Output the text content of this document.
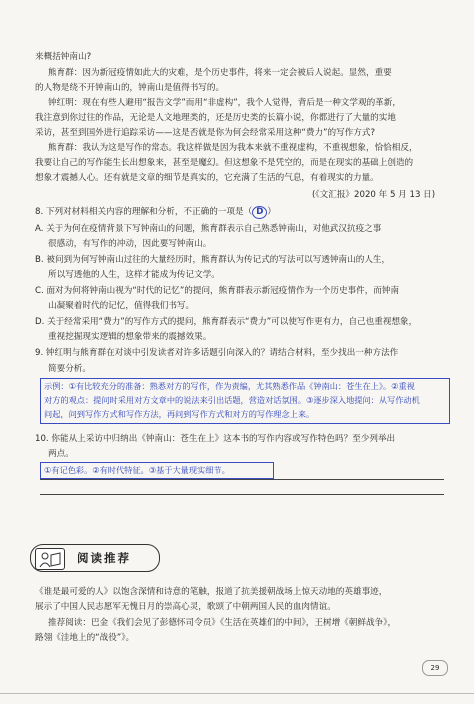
来概括钟南山?
熊育群：因为新冠疫情如此大的灾难，是个历史事件，将来一定会被后人说起。显然，重要
的人物是绕不开钟南山的，钟南山是值得书写的。
钟红明：现在有些人避用“报告文学”而用“非虚构”，我个人觉得，背后是一种文学观的革新，
我注意到你过往的作品，无论是人文地理类的，还是历史类的长篇小说，你都进行了大量的实地
采访，甚至到国外进行追踪采访——这是否就是你为何会经常采用这种“费力”的写作方式?
熊育群：我认为这是写作的常态。我这样做是因为我本来就不重视虚构，不重视想象，恰恰相反，
我要让自己的写作能生长出想象来，甚至是魔幻。但这想象不是凭空的，而是在现实的基础上创造的
想象才震撼人心。还有就是文章的细节是真实的，它充满了生活的气息，有着现实的力量。
(《文汇报》2020 年 5 月 13 日)
8. 下列对材料相关内容的理解和分析，不正确的一项是（ D ）
A. 关于为何在疫情背景下写钟南山的问题，熊育群表示自己熟悉钟南山，对他武汉抗疫之事
很感动，有写作的冲动，因此要写钟南山。
B. 被问到为何写钟南山过往的大量经历时，熊育群认为传记式的写法可以写透钟南山的人生，
所以写透他的人生，这样才能成为传记文学。
C. 面对为何将钟南山视为“时代的记忆”的提问，熊育群表示新冠疫情作为一个历史事件，而钟南
山凝聚着时代的记忆，值得我们书写。
D. 关于经常采用“费力”的写作方式的提问，熊育群表示“费力”可以使写作更有力，自己也重视想象，
重视挖掘现实逻辑的想象带来的震撼效果。
9. 钟红明与熊育群在对谈中引发读者对许多话题引向深入的？请结合材料，至少找出一种方法作
简要分析。
示例：①有比较充分的准备：熟悉对方的写作，作为责编，尤其熟悉作品《钟南山：苍生在上》。②重视
对方的观点：提问时采用对方文章中的说法来引出话题，营造对话氛围。③逐步深入地提问：从写作动机
问起，问到写作方式和写作方法，再问到写作方式和对方的写作理念上来。
10. 你能从上采访中归纳出《钟南山：苍生在上》这本书的写作内容或写作特色吗？至少列举出
两点。
①有记色彩。②有时代特征。③基于大量现实细节。
阅读推荐
《谁是最可爱的人》以饱含深情和诗意的笔触，报道了抗美援朝战场上惊天动地的英雄事迹，
展示了中国人民志愿军无愧日月的崇高心灵，歌颂了中朝两国人民的血肉情谊。
推荐阅读：巴金《我们会见了彭德怀司令员》《生活在英雄们的中间》，王树增《朝鲜战争》，
路翎《洼地上的“战役”》。
29
